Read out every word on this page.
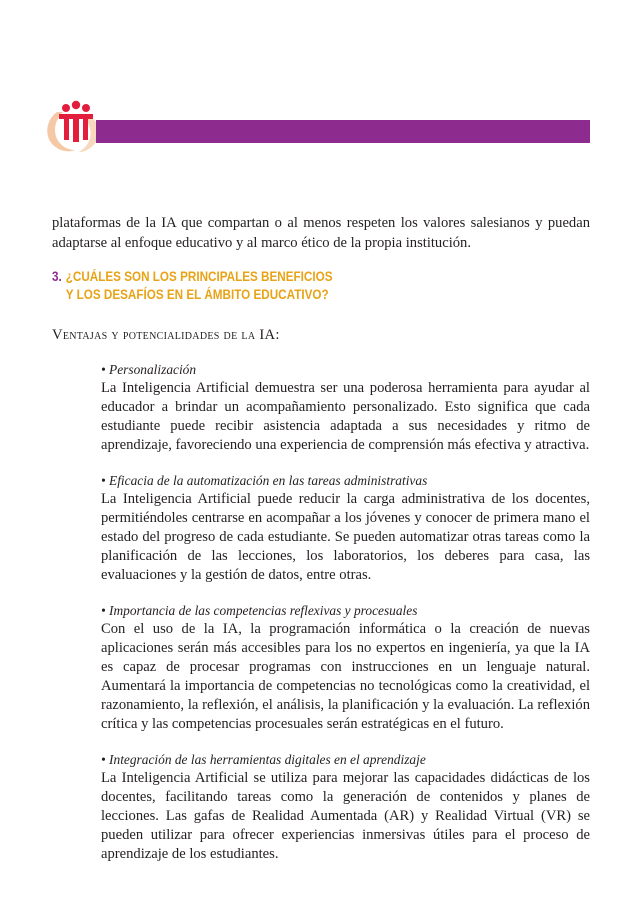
plataformas de la IA que compartan o al menos respeten los valores salesianos y puedan adaptarse al enfoque educativo y al marco ético de la propia institución.

3. ¿CUÁLES SON LOS PRINCIPALES BENEFICIOS
Y LOS DESAFÍOS EN EL ÁMBITO EDUCATIVO?

Ventajas y potencialidades de la IA:

• Personalización

La Inteligencia Artificial demuestra ser una poderosa herramienta para ayudar al educador a brindar un acompañamiento personalizado. Esto significa que cada estudiante puede recibir asistencia adaptada a sus necesidades y ritmo de aprendizaje, favoreciendo una experiencia de comprensión más efectiva y atractiva.

• Eficacia de la automatización en las tareas administrativas

La Inteligencia Artificial puede reducir la carga administrativa de los docentes, permitiéndoles centrarse en acompañar a los jóvenes y conocer de primera mano el estado del progreso de cada estudiante. Se pueden automatizar otras tareas como la planificación de las lecciones, los laboratorios, los deberes para casa, las evaluaciones y la gestión de datos, entre otras.

• Importancia de las competencias reflexivas y procesuales

Con el uso de la IA, la programación informática o la creación de nuevas aplicaciones serán más accesibles para los no expertos en ingeniería, ya que la IA es capaz de procesar programas con instrucciones en un lenguaje natural. Aumentará la importancia de competencias no tecnológicas como la creatividad, el razonamiento, la reflexión, el análisis, la planificación y la evaluación. La reflexión crítica y las competencias procesuales serán estratégicas en el futuro.

• Integración de las herramientas digitales en el aprendizaje

La Inteligencia Artificial se utiliza para mejorar las capacidades didácticas de los docentes, facilitando tareas como la generación de contenidos y planes de lecciones. Las gafas de Realidad Aumentada (AR) y Realidad Virtual (VR) se pueden utilizar para ofrecer experiencias inmersivas útiles para el proceso de aprendizaje de los estudiantes.
